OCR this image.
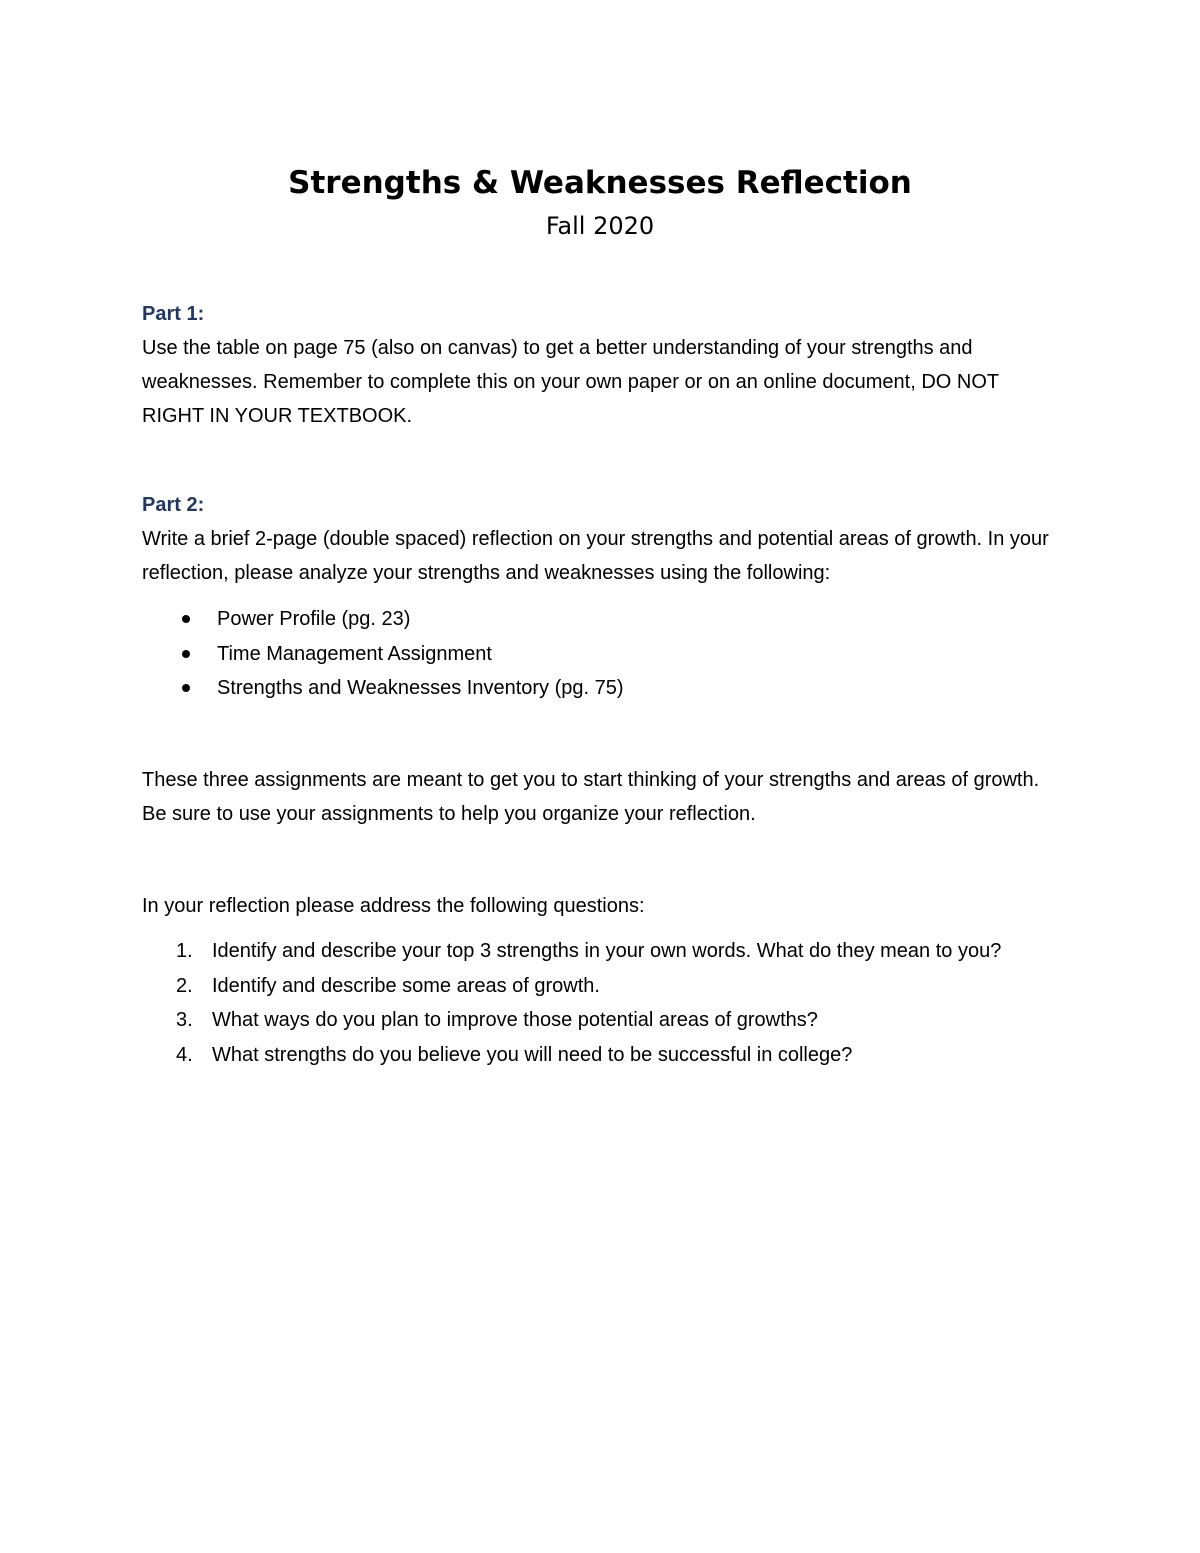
Strengths & Weaknesses Reflection
Fall 2020

Part 1:

Use the table on page 75 (also on canvas) to get a better understanding of your strengths and weaknesses. Remember to complete this on your own paper or on an online document, DO NOT RIGHT IN YOUR TEXTBOOK.

Part 2:

Write a brief 2-page (double spaced) reflection on your strengths and potential areas of growth. In your reflection, please analyze your strengths and weaknesses using the following:

Power Profile (pg. 23)
Time Management Assignment
Strengths and Weaknesses Inventory (pg. 75)

These three assignments are meant to get you to start thinking of your strengths and areas of growth. Be sure to use your assignments to help you organize your reflection.

In your reflection please address the following questions:

1. Identify and describe your top 3 strengths in your own words. What do they mean to you?
2. Identify and describe some areas of growth.
3. What ways do you plan to improve those potential areas of growths?
4. What strengths do you believe you will need to be successful in college?
